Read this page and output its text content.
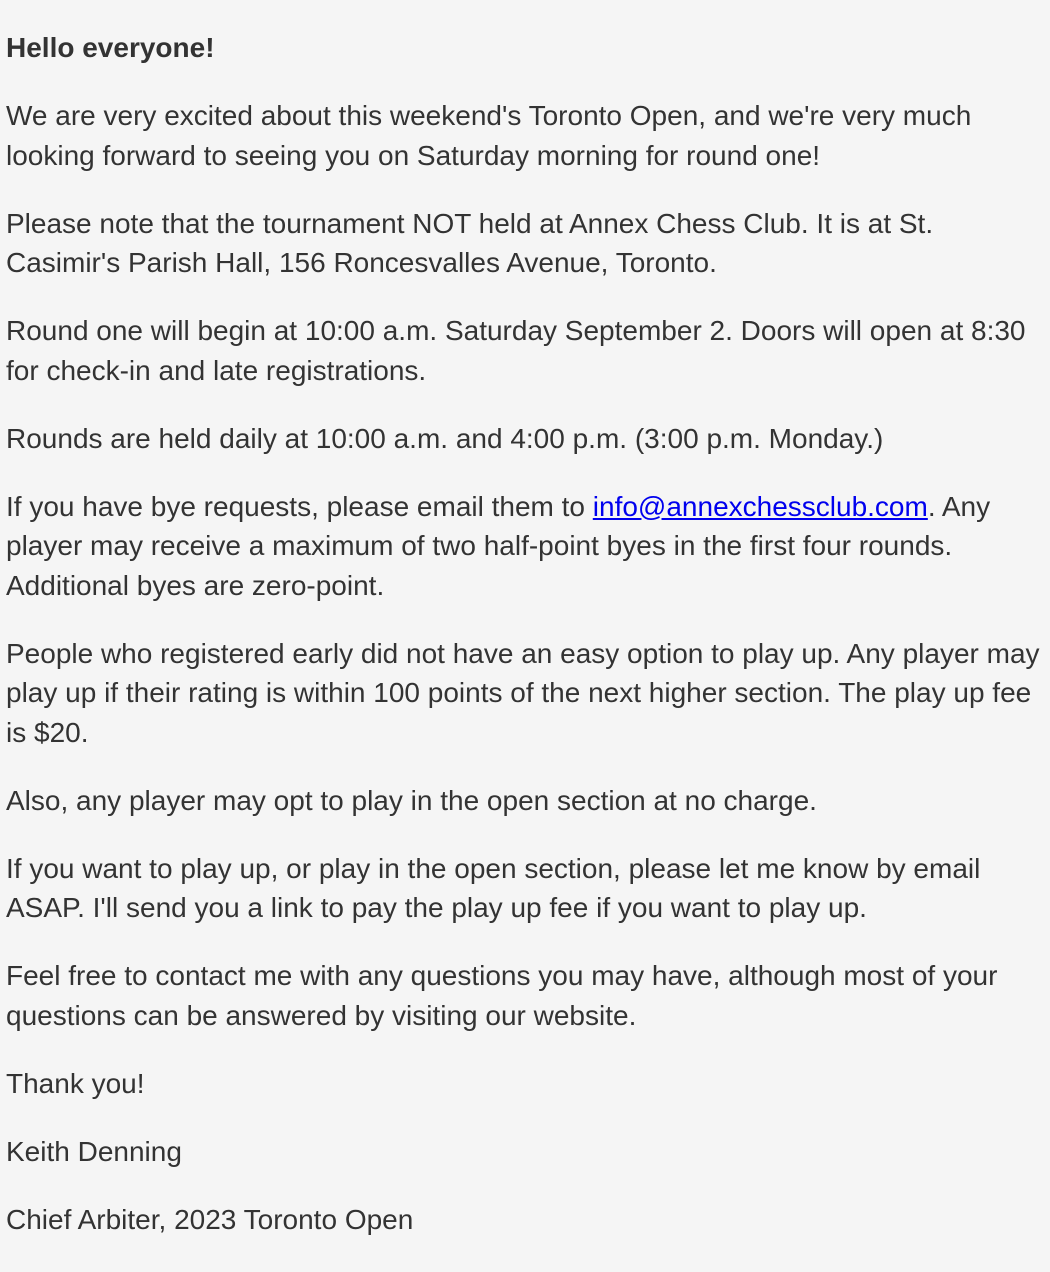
Hello everyone!

We are very excited about this weekend's Toronto Open, and we're very much looking forward to seeing you on Saturday morning for round one!

Please note that the tournament NOT held at Annex Chess Club. It is at St. Casimir's Parish Hall, 156 Roncesvalles Avenue, Toronto.

Round one will begin at 10:00 a.m. Saturday September 2. Doors will open at 8:30 for check-in and late registrations.

Rounds are held daily at 10:00 a.m. and 4:00 p.m. (3:00 p.m. Monday.)

If you have bye requests, please email them to info@annexchessclub.com. Any player may receive a maximum of two half-point byes in the first four rounds. Additional byes are zero-point.

People who registered early did not have an easy option to play up. Any player may play up if their rating is within 100 points of the next higher section. The play up fee is $20.

Also, any player may opt to play in the open section at no charge.

If you want to play up, or play in the open section, please let me know by email ASAP. I'll send you a link to pay the play up fee if you want to play up.

Feel free to contact me with any questions you may have, although most of your questions can be answered by visiting our website.

Thank you!

Keith Denning

Chief Arbiter, 2023 Toronto Open
